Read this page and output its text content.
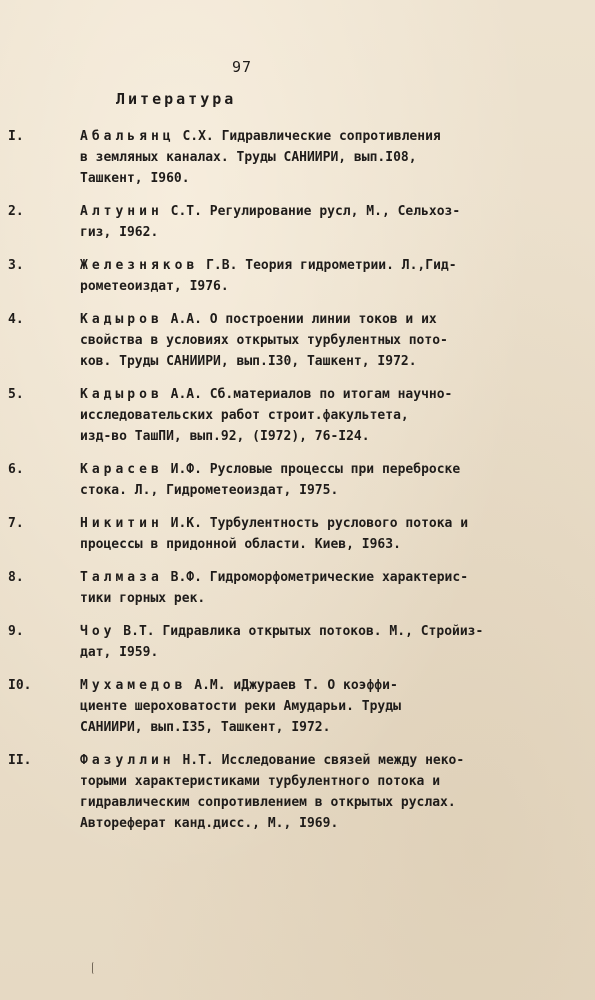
97
Литература
I.	Абальянц С.Х. Гидравлические сопротивления
в земляных каналах. Труды САНИИРИ, вып.I08,
Ташкент, I960.
2.	Алтунин С.Т. Регулирование русл, М., Сельхоз-
гиз, I962.
3.	Железняков Г.В. Теория гидрометрии. Л.,Гид-
рометеоиздат, I976.
4.	Кадыров А.А. О построении линии токов и их
свойства в условиях открытых турбулентных пото-
ков. Труды САНИИРИ, вып.I30, Ташкент, I972.
5.	Кадыров А.А. Сб.материалов по итогам научно-
исследовательских работ строит.факультета,
изд-во ТашПИ, вып.92, (I972), 76-I24.
6.	Карасев И.Ф. Русловые процессы при переброске
стока. Л., Гидрометеоиздат, I975.
7.	Никитин И.К. Турбулентность руслового потока и
процессы в придонной области. Киев, I963.
8.	Талмаза В.Ф. Гидроморфометрические характерис-
тики горных рек.
9.	Чоу В.Т. Гидравлика открытых потоков. М., Стройиз-
дат, I959.
I0.	Мухамедов А.М. иДжураев Т. О коэффи-
циенте шероховатости реки Амударьи. Труды
САНИИРИ, вып.I35, Ташкент, I972.
II.	Фазуллин Н.Т. Исследование связей между неко-
торыми характеристиками турбулентного потока и
гидравлическим сопротивлением в открытых руслах.
Автореферат канд.дисс., М., I969.
